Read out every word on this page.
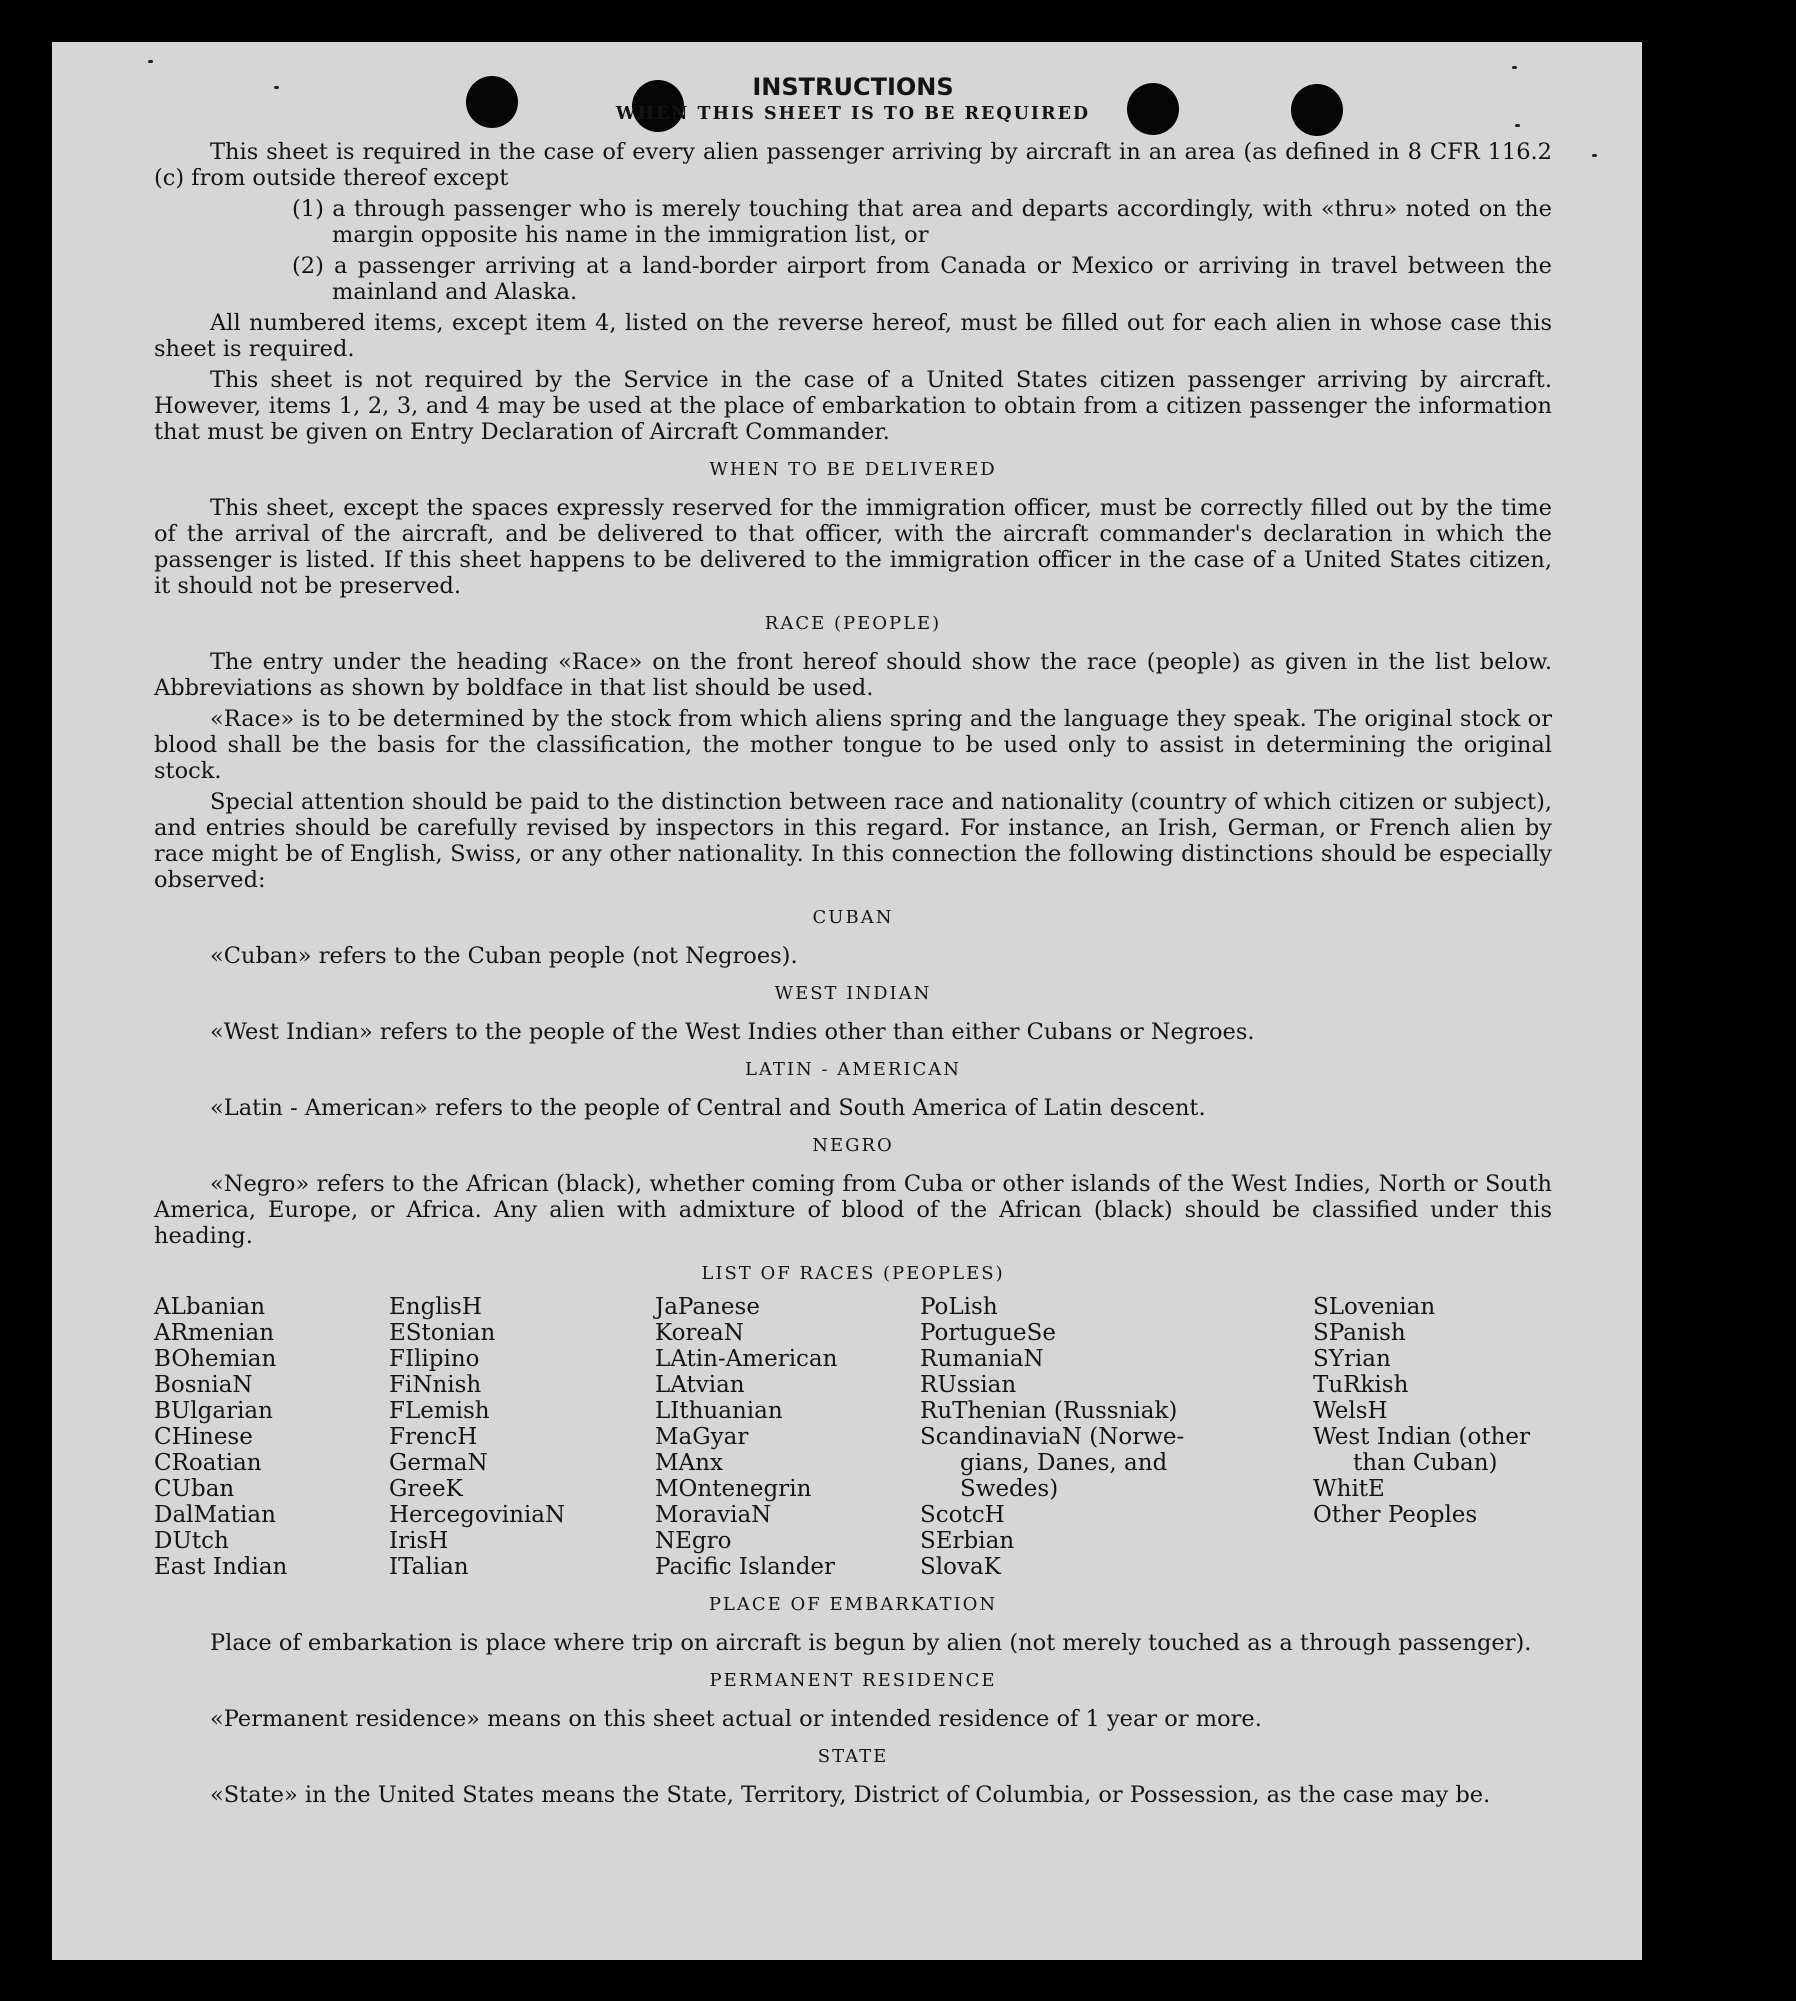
INSTRUCTIONS
WHEN THIS SHEET IS TO BE REQUIRED

This sheet is required in the case of every alien passenger arriving by aircraft in an area (as defined in 8 CFR 116.2 (c) from outside thereof except

(1) a through passenger who is merely touching that area and departs accordingly, with «thru» noted on the margin opposite his name in the immigration list, or

(2) a passenger arriving at a land-border airport from Canada or Mexico or arriving in travel between the mainland and Alaska.

All numbered items, except item 4, listed on the reverse hereof, must be filled out for each alien in whose case this sheet is required.

This sheet is not required by the Service in the case of a United States citizen passenger arriving by aircraft. However, items 1, 2, 3, and 4 may be used at the place of embarkation to obtain from a citizen passenger the information that must be given on Entry Declaration of Aircraft Commander.

WHEN TO BE DELIVERED

This sheet, except the spaces expressly reserved for the immigration officer, must be correctly filled out by the time of the arrival of the aircraft, and be delivered to that officer, with the aircraft commander's declaration in which the passenger is listed. If this sheet happens to be delivered to the immigration officer in the case of a United States citizen, it should not be preserved.

RACE (PEOPLE)

The entry under the heading «Race» on the front hereof should show the race (people) as given in the list below. Abbreviations as shown by boldface in that list should be used.

«Race» is to be determined by the stock from which aliens spring and the language they speak. The original stock or blood shall be the basis for the classification, the mother tongue to be used only to assist in determining the original stock.

Special attention should be paid to the distinction between race and nationality (country of which citizen or subject), and entries should be carefully revised by inspectors in this regard. For instance, an Irish, German, or French alien by race might be of English, Swiss, or any other nationality. In this connection the following distinctions should be especially observed:

CUBAN

«Cuban» refers to the Cuban people (not Negroes).

WEST INDIAN

«West Indian» refers to the people of the West Indies other than either Cubans or Negroes.

LATIN - AMERICAN

«Latin - American» refers to the people of Central and South America of Latin descent.

NEGRO

«Negro» refers to the African (black), whether coming from Cuba or other islands of the West Indies, North or South America, Europe, or Africa. Any alien with admixture of blood of the African (black) should be classified under this heading.

LIST OF RACES (PEOPLES)
ALbanian
ARmenian
BOhemian
BosniaN
BUlgarian
CHinese
CRoatian
CUban
DalMatian
DUtch
East Indian
EnglisH
EStonian
FIlipino
FiNnish
FLemish
FrencH
GermaN
GreeK
HercegovinіaN
IrisH
ITalian
JaPanese
KoreaN
LAtin-American
LAtvian
LIthuanian
MaGyar
MAnx
MOntenegrin
MoraviaN
NEgro
Pacific Islander
PoLish
PortugueSe
RumaniaN
RUssian
RuThenian (Russniak)
ScandinaviaN (Norwe-
gians, Danes, and
Swedes)
ScotcH
SErbian
SlovaK
SLovenian
SPanish
SYrian
TuRkish
WelsH
West Indian (other
than Cuban)
WhitE
Other Peoples
PLACE OF EMBARKATION

Place of embarkation is place where trip on aircraft is begun by alien (not merely touched as a through passenger).

PERMANENT RESIDENCE

«Permanent residence» means on this sheet actual or intended residence of 1 year or more.

STATE

«State» in the United States means the State, Territory, District of Columbia, or Possession, as the case may be.
